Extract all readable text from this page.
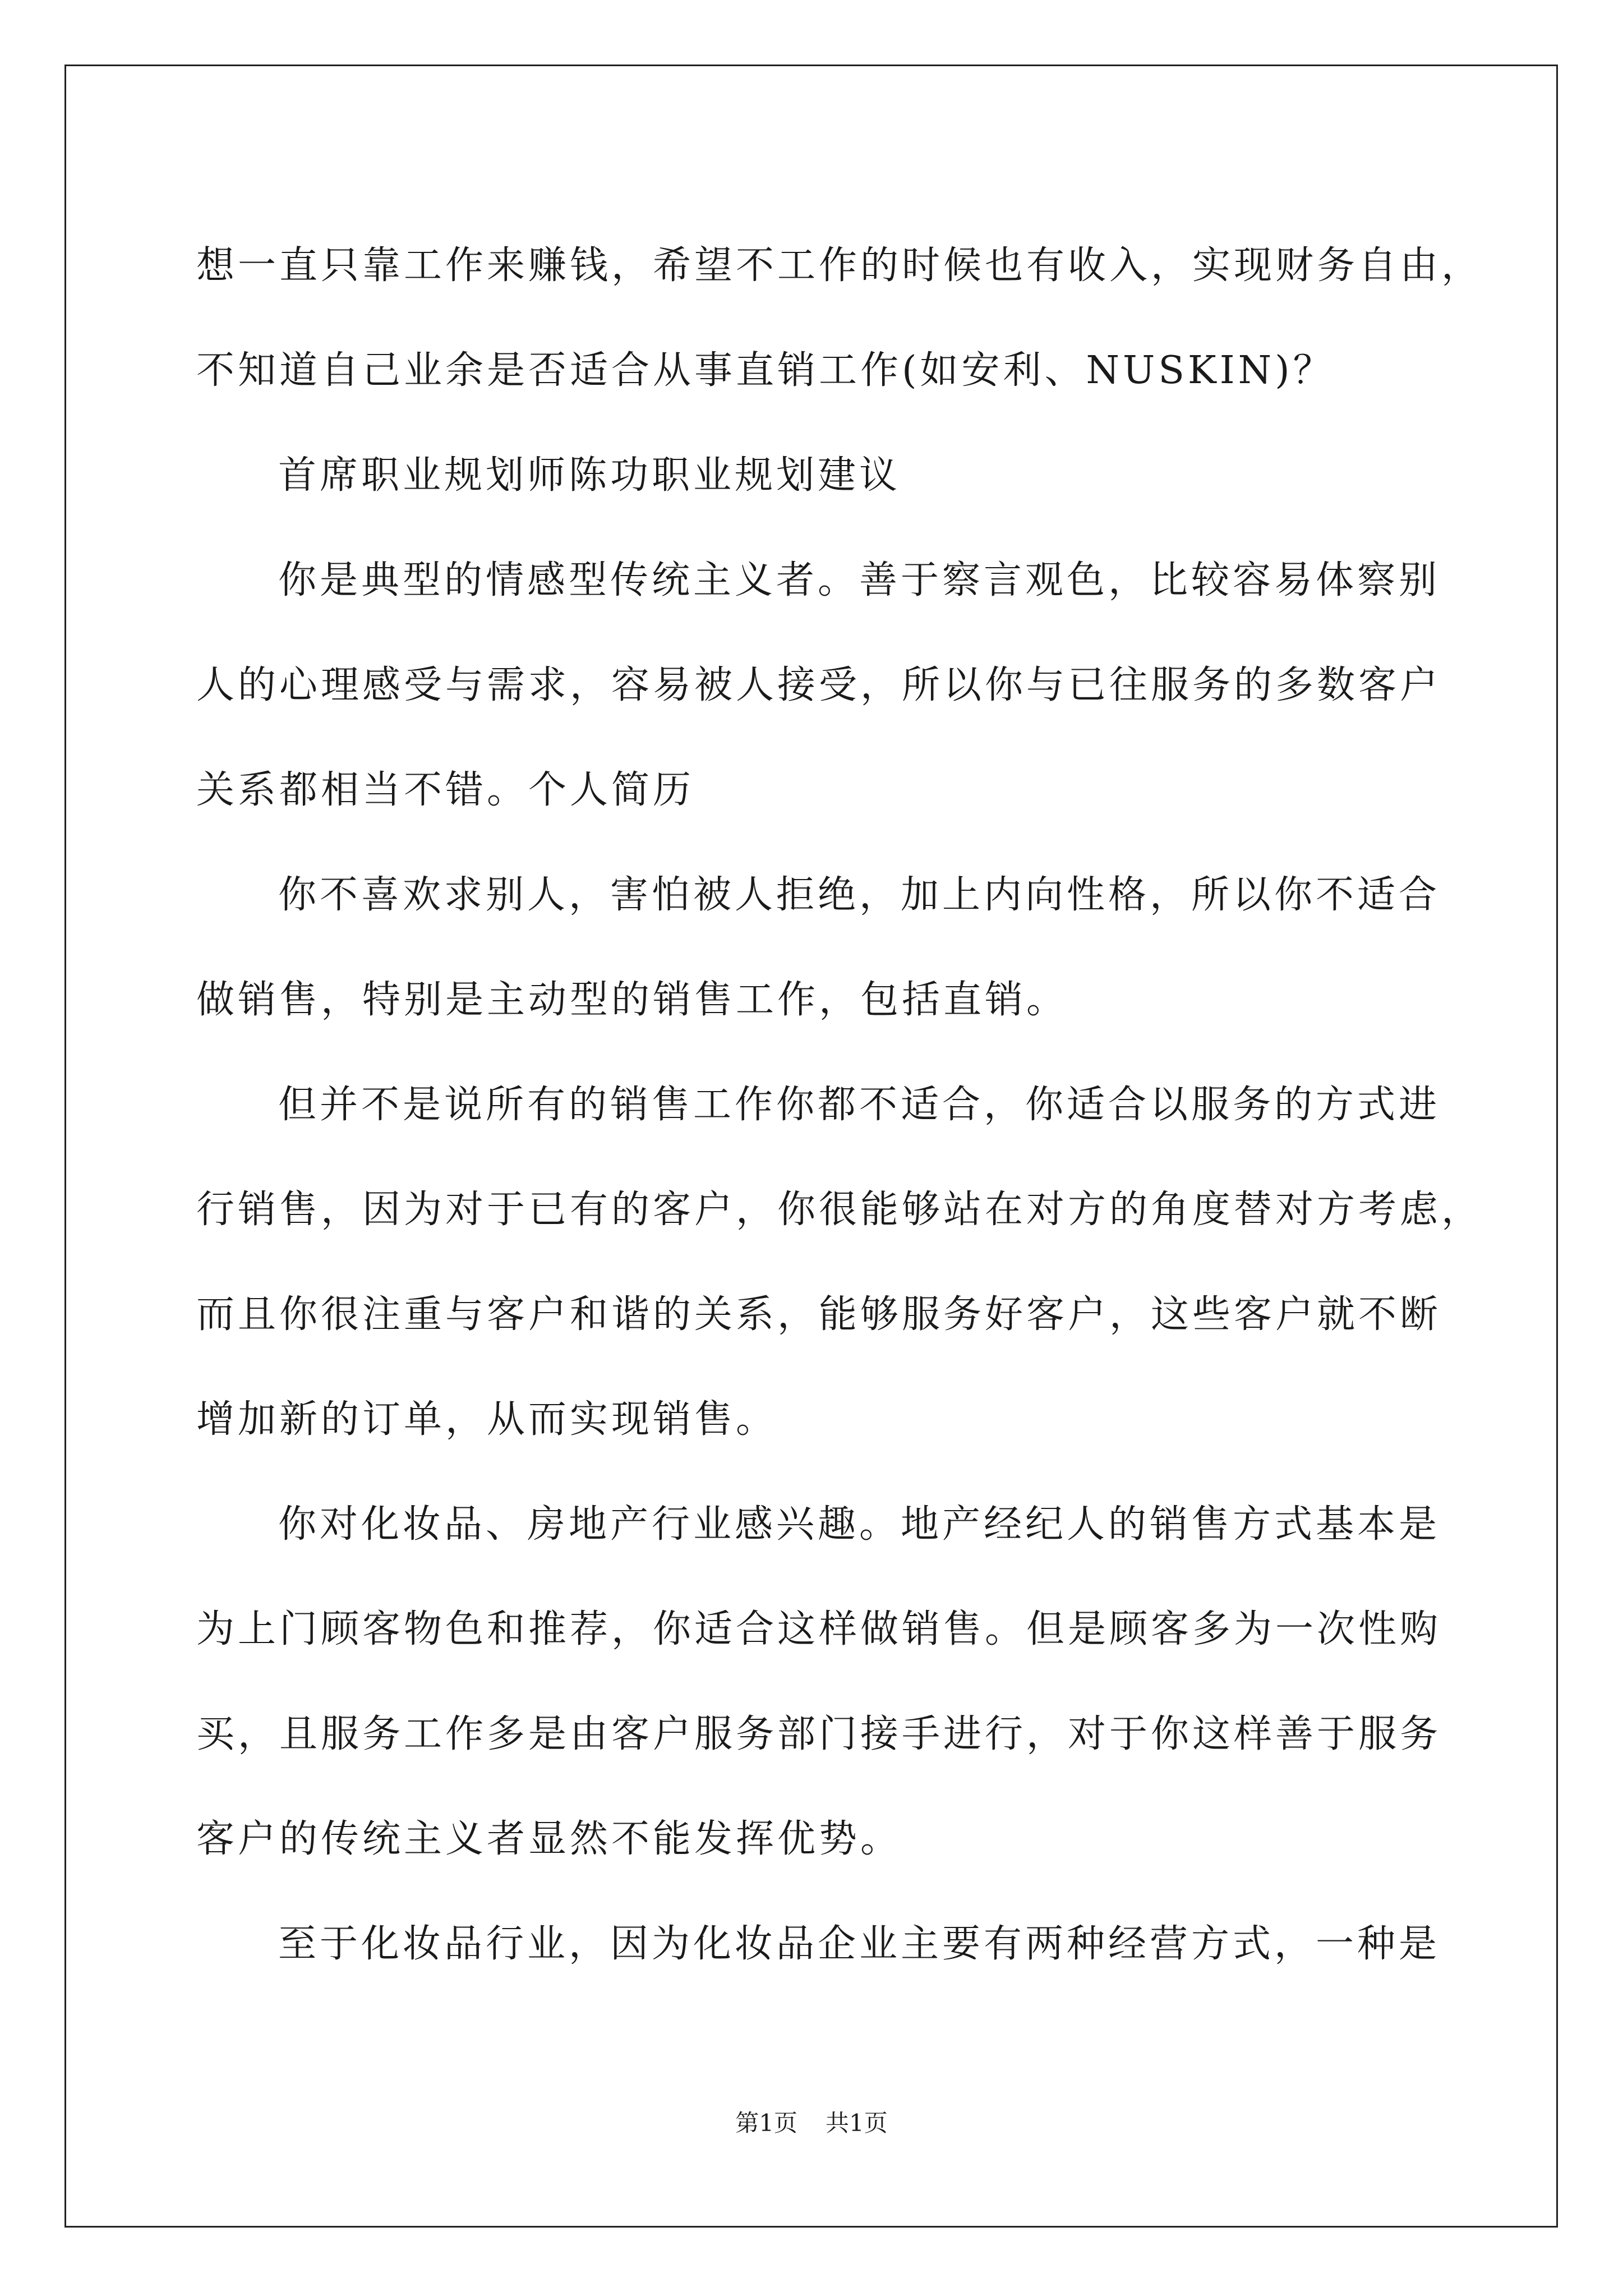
想一直只靠工作来赚钱，希望不工作的时候也有收入，实现财务自由，
不知道自己业余是否适合从事直销工作(如安利、NUSKIN)？
首席职业规划师陈功职业规划建议
你是典型的情感型传统主义者。善于察言观色，比较容易体察别
人的心理感受与需求，容易被人接受，所以你与已往服务的多数客户
关系都相当不错。个人简历
你不喜欢求别人，害怕被人拒绝，加上内向性格，所以你不适合
做销售，特别是主动型的销售工作，包括直销。
但并不是说所有的销售工作你都不适合，你适合以服务的方式进
行销售，因为对于已有的客户，你很能够站在对方的角度替对方考虑，
而且你很注重与客户和谐的关系，能够服务好客户，这些客户就不断
增加新的订单，从而实现销售。
你对化妆品、房地产行业感兴趣。地产经纪人的销售方式基本是
为上门顾客物色和推荐，你适合这样做销售。但是顾客多为一次性购
买，且服务工作多是由客户服务部门接手进行，对于你这样善于服务
客户的传统主义者显然不能发挥优势。
至于化妆品行业，因为化妆品企业主要有两种经营方式，一种是
第1页 共1页
